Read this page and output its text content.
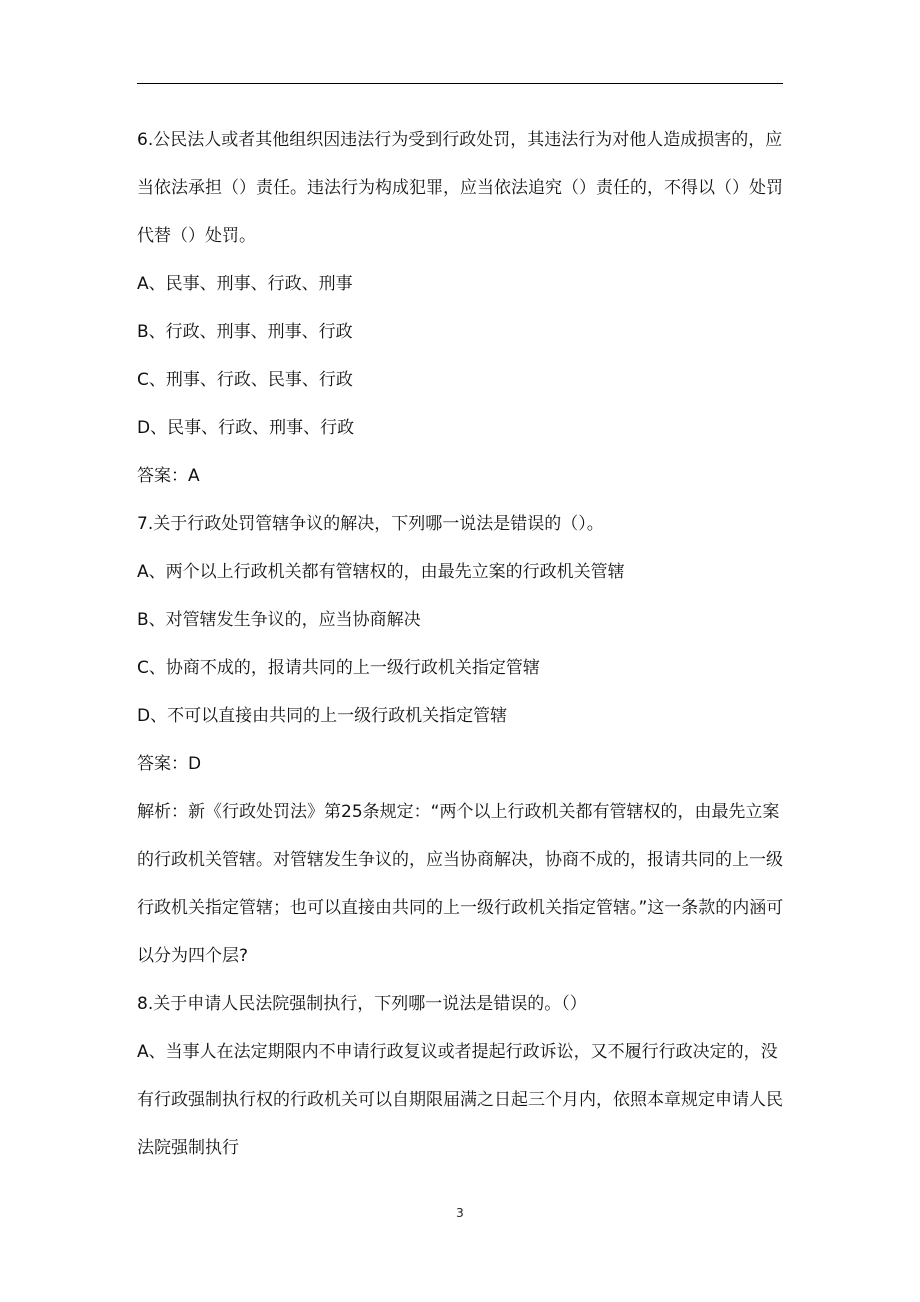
6.公民法人或者其他组织因违法行为受到行政处罚，其违法行为对他人造成损害的，应当依法承担（）责任。违法行为构成犯罪，应当依法追究（）责任的，不得以（）处罚代替（）处罚。

A、民事、刑事、行政、刑事

B、行政、刑事、刑事、行政

C、刑事、行政、民事、行政

D、民事、行政、刑事、行政

答案：A

7.关于行政处罚管辖争议的解决，下列哪一说法是错误的（）。

A、两个以上行政机关都有管辖权的，由最先立案的行政机关管辖

B、对管辖发生争议的，应当协商解决

C、协商不成的，报请共同的上一级行政机关指定管辖

D、不可以直接由共同的上一级行政机关指定管辖

答案：D

解析：新《行政处罚法》第25条规定：“两个以上行政机关都有管辖权的，由最先立案的行政机关管辖。对管辖发生争议的，应当协商解决，协商不成的，报请共同的上一级行政机关指定管辖；也可以直接由共同的上一级行政机关指定管辖。”这一条款的内涵可以分为四个层?

8.关于申请人民法院强制执行，下列哪一说法是错误的。（）

A、当事人在法定期限内不申请行政复议或者提起行政诉讼，又不履行行政决定的，没有行政强制执行权的行政机关可以自期限届满之日起三个月内，依照本章规定申请人民法院强制执行

3
